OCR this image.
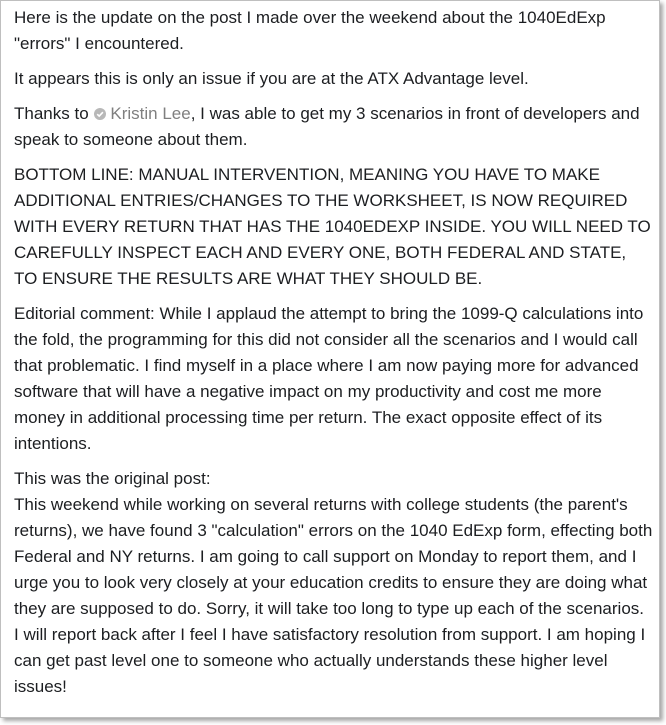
Here is the update on the post I made over the weekend about the 1040EdExp "errors" I encountered.

It appears this is only an issue if you are at the ATX Advantage level.

Thanks to Kristin Lee, I was able to get my 3 scenarios in front of developers and speak to someone about them.

BOTTOM LINE: MANUAL INTERVENTION, MEANING YOU HAVE TO MAKE ADDITIONAL ENTRIES/CHANGES TO THE WORKSHEET, IS NOW REQUIRED WITH EVERY RETURN THAT HAS THE 1040EDEXP INSIDE. YOU WILL NEED TO CAREFULLY INSPECT EACH AND EVERY ONE, BOTH FEDERAL AND STATE, TO ENSURE THE RESULTS ARE WHAT THEY SHOULD BE.

Editorial comment: While I applaud the attempt to bring the 1099-Q calculations into the fold, the programming for this did not consider all the scenarios and I would call that problematic. I find myself in a place where I am now paying more for advanced software that will have a negative impact on my productivity and cost me more money in additional processing time per return. The exact opposite effect of its intentions.

This was the original post:
This weekend while working on several returns with college students (the parent's returns), we have found 3 "calculation" errors on the 1040 EdExp form, effecting both Federal and NY returns. I am going to call support on Monday to report them, and I urge you to look very closely at your education credits to ensure they are doing what they are supposed to do. Sorry, it will take too long to type up each of the scenarios. I will report back after I feel I have satisfactory resolution from support. I am hoping I can get past level one to someone who actually understands these higher level issues!
